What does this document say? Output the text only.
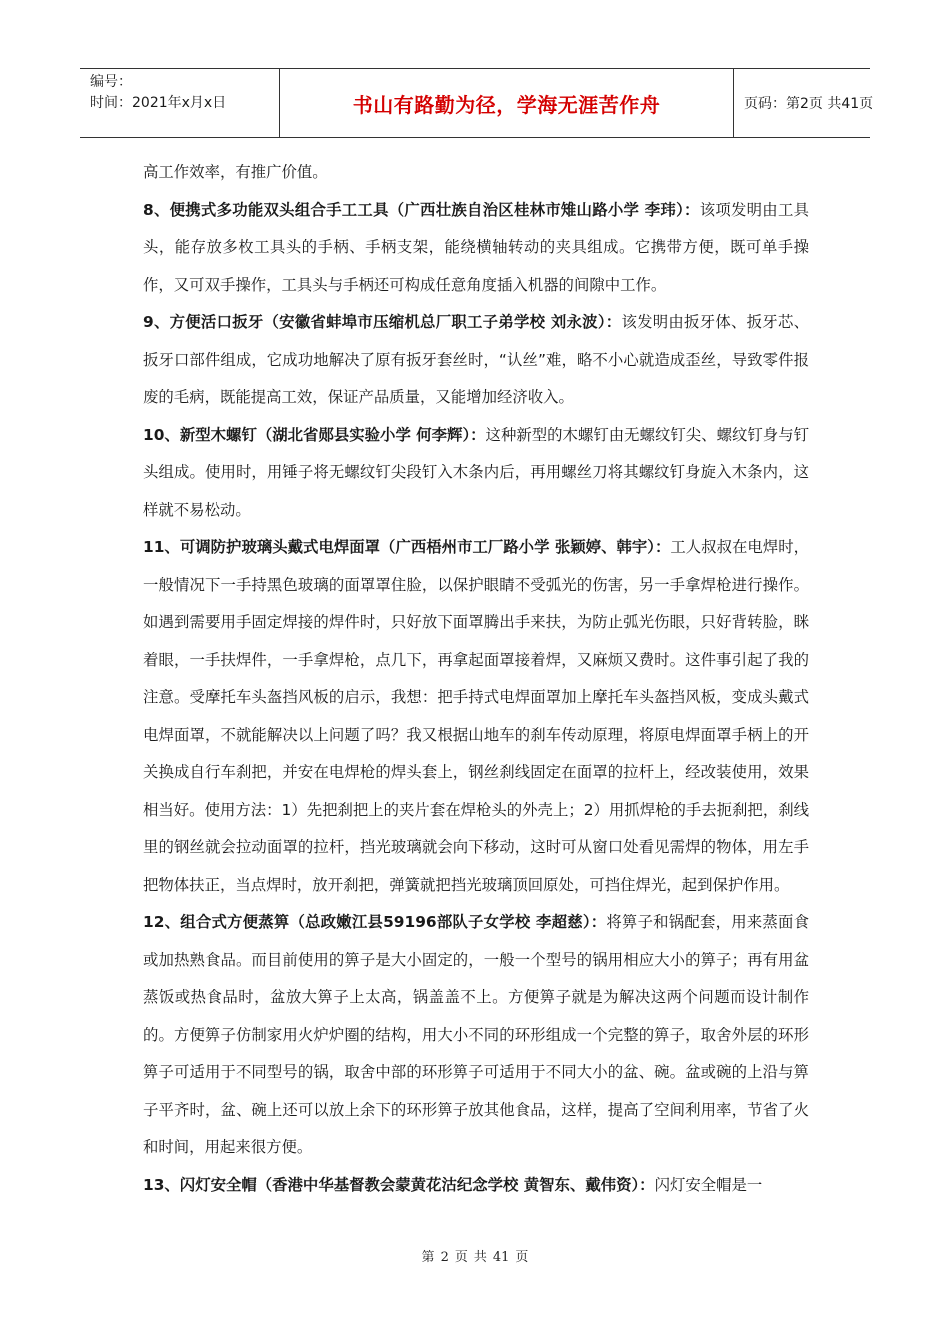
编号：
时间：2021年x月x日	书山有路勤为径，学海无涯苦作舟	页码：第2页 共41页

高工作效率，有推广价值。

8、便携式多功能双头组合手工工具（广西壮族自治区桂林市雉山路小学 李玮）：该项发明由工具头，能存放多枚工具头的手柄、手柄支架，能绕横轴转动的夹具组成。它携带方便，既可单手操作，又可双手操作，工具头与手柄还可构成任意角度插入机器的间隙中工作。

9、方便活口扳牙（安徽省蚌埠市压缩机总厂职工子弟学校 刘永波）：该发明由扳牙体、扳牙芯、扳牙口部件组成，它成功地解决了原有扳牙套丝时，“认丝”难，略不小心就造成歪丝，导致零件报废的毛病，既能提高工效，保证产品质量，又能增加经济收入。

10、新型木螺钉（湖北省郧县实验小学 何李辉）：这种新型的木螺钉由无螺纹钉尖、螺纹钉身与钉头组成。使用时，用锤子将无螺纹钉尖段钉入木条内后，再用螺丝刀将其螺纹钉身旋入木条内，这样就不易松动。

11、可调防护玻璃头戴式电焊面罩（广西梧州市工厂路小学 张颖婷、韩宇）：工人叔叔在电焊时，一般情况下一手持黑色玻璃的面罩罩住脸，以保护眼睛不受弧光的伤害，另一手拿焊枪进行操作。如遇到需要用手固定焊接的焊件时，只好放下面罩腾出手来扶，为防止弧光伤眼，只好背转脸，眯着眼，一手扶焊件，一手拿焊枪，点几下，再拿起面罩接着焊，又麻烦又费时。这件事引起了我的注意。受摩托车头盔挡风板的启示，我想：把手持式电焊面罩加上摩托车头盔挡风板，变成头戴式电焊面罩，不就能解决以上问题了吗？我又根据山地车的刹车传动原理，将原电焊面罩手柄上的开关换成自行车刹把，并安在电焊枪的焊头套上，钢丝刹线固定在面罩的拉杆上，经改装使用，效果相当好。使用方法：1）先把刹把上的夹片套在焊枪头的外壳上；2）用抓焊枪的手去扼刹把，刹线里的钢丝就会拉动面罩的拉杆，挡光玻璃就会向下移动，这时可从窗口处看见需焊的物体，用左手把物体扶正，当点焊时，放开刹把，弹簧就把挡光玻璃顶回原处，可挡住焊光，起到保护作用。

12、组合式方便蒸箅（总政嫩江县59196部队子女学校 李超慈）：将箅子和锅配套，用来蒸面食或加热熟食品。而目前使用的箅子是大小固定的，一般一个型号的锅用相应大小的箅子；再有用盆蒸饭或热食品时，盆放大箅子上太高，锅盖盖不上。方便箅子就是为解决这两个问题而设计制作的。方便箅子仿制家用火炉炉圈的结构，用大小不同的环形组成一个完整的箅子，取舍外层的环形箅子可适用于不同型号的锅，取舍中部的环形箅子可适用于不同大小的盆、碗。盆或碗的上沿与箅子平齐时，盆、碗上还可以放上余下的环形箅子放其他食品，这样，提高了空间利用率，节省了火和时间，用起来很方便。

13、闪灯安全帽（香港中华基督教会蒙黄花沽纪念学校 黄智东、戴伟资）：闪灯安全帽是一

第 2 页 共 41 页
